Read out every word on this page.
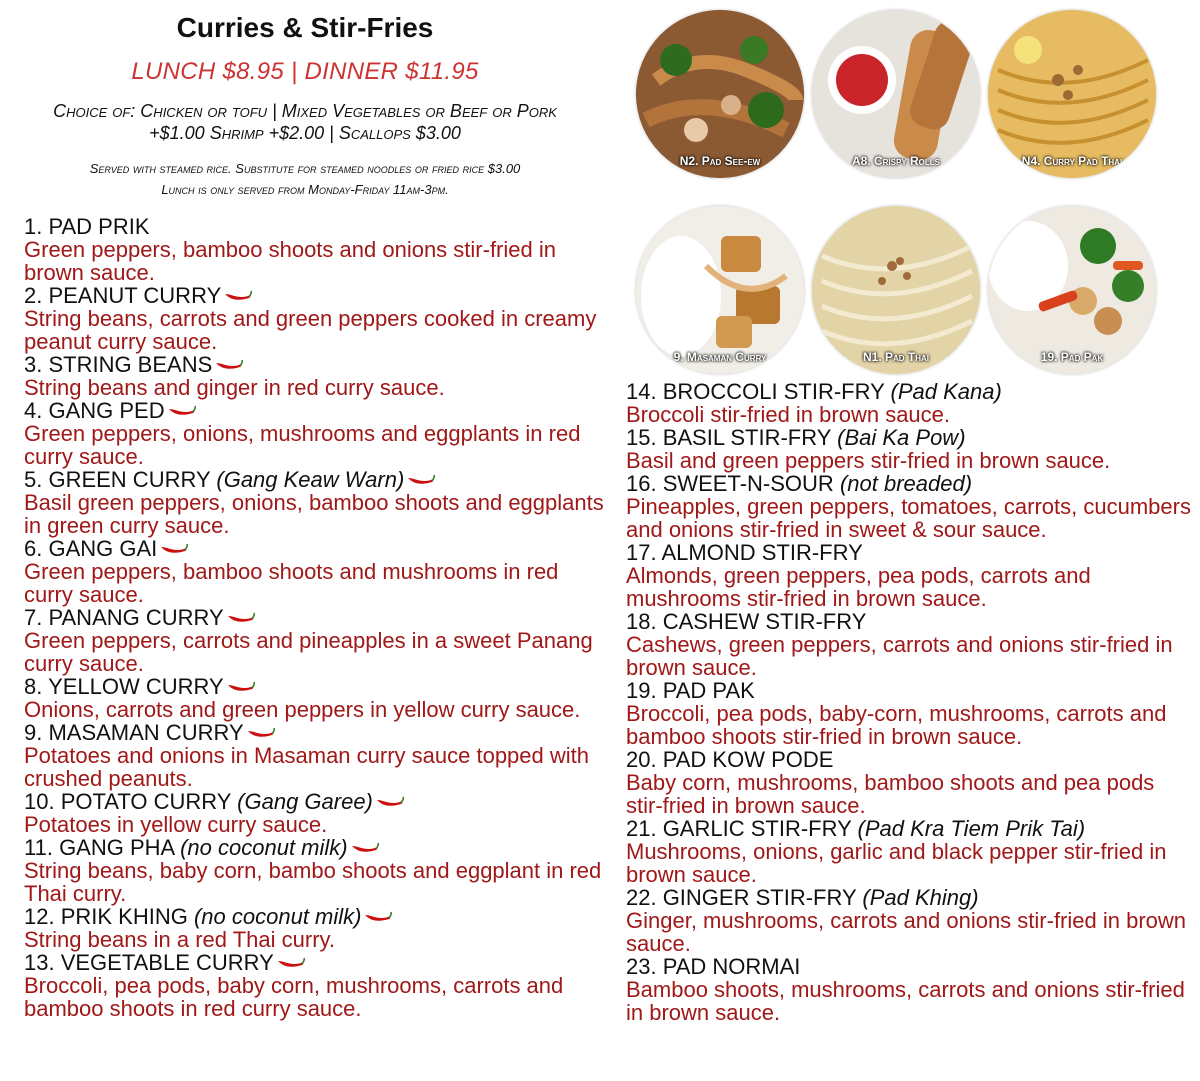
Curries & Stir-Fries
LUNCH $8.95 | DINNER $11.95
Choice of: Chicken or tofu | Mixed Vegetables or Beef or Pork +$1.00 Shrimp +$2.00 | Scallops $3.00
Served with steamed rice. Substitute for steamed noodles or fried rice $3.00
Lunch is only served from Monday-Friday 11am-3pm.
N2. Pad See-ew	A8. Crispy Rolls	N4. Curry Pad Thai
9. Masaman Curry	N1. Pad Thai	19. Pad Pak
1. PAD PRIK
Green peppers, bamboo shoots and onions stir-fried in brown sauce.
2. PEANUT CURRY
String beans, carrots and green peppers cooked in creamy peanut curry sauce.
3. STRING BEANS
String beans and ginger in red curry sauce.
4. GANG PED
Green peppers, onions, mushrooms and eggplants in red curry sauce.
5. GREEN CURRY (Gang Keaw Warn)
Basil green peppers, onions, bamboo shoots and eggplants in green curry sauce.
6. GANG GAI
Green peppers, bamboo shoots and mushrooms in red curry sauce.
7. PANANG CURRY
Green peppers, carrots and pineapples in a sweet Panang curry sauce.
8. YELLOW CURRY
Onions, carrots and green peppers in yellow curry sauce.
9. MASAMAN CURRY
Potatoes and onions in Masaman curry sauce topped with crushed peanuts.
10. POTATO CURRY (Gang Garee)
Potatoes in yellow curry sauce.
11. GANG PHA (no coconut milk)
String beans, baby corn, bambo shoots and eggplant in red Thai curry.
12. PRIK KHING (no coconut milk)
String beans in a red Thai curry.
13. VEGETABLE CURRY
Broccoli, pea pods, baby corn, mushrooms, carrots and bamboo shoots in red curry sauce.
14. BROCCOLI STIR-FRY (Pad Kana)
Broccoli stir-fried in brown sauce.
15. BASIL STIR-FRY (Bai Ka Pow)
Basil and green peppers stir-fried in brown sauce.
16. SWEET-N-SOUR (not breaded)
Pineapples, green peppers, tomatoes, carrots, cucumbers and onions stir-fried in sweet & sour sauce.
17. ALMOND STIR-FRY
Almonds, green peppers, pea pods, carrots and mushrooms stir-fried in brown sauce.
18. CASHEW STIR-FRY
Cashews, green peppers, carrots and onions stir-fried in brown sauce.
19. PAD PAK
Broccoli, pea pods, baby-corn, mushrooms, carrots and bamboo shoots stir-fried in brown sauce.
20. PAD KOW PODE
Baby corn, mushrooms, bamboo shoots and pea pods stir-fried in brown sauce.
21. GARLIC STIR-FRY (Pad Kra Tiem Prik Tai)
Mushrooms, onions, garlic and black pepper stir-fried in brown sauce.
22. GINGER STIR-FRY (Pad Khing)
Ginger, mushrooms, carrots and onions stir-fried in brown sauce.
23. PAD NORMAI
Bamboo shoots, mushrooms, carrots and onions stir-fried in brown sauce.
